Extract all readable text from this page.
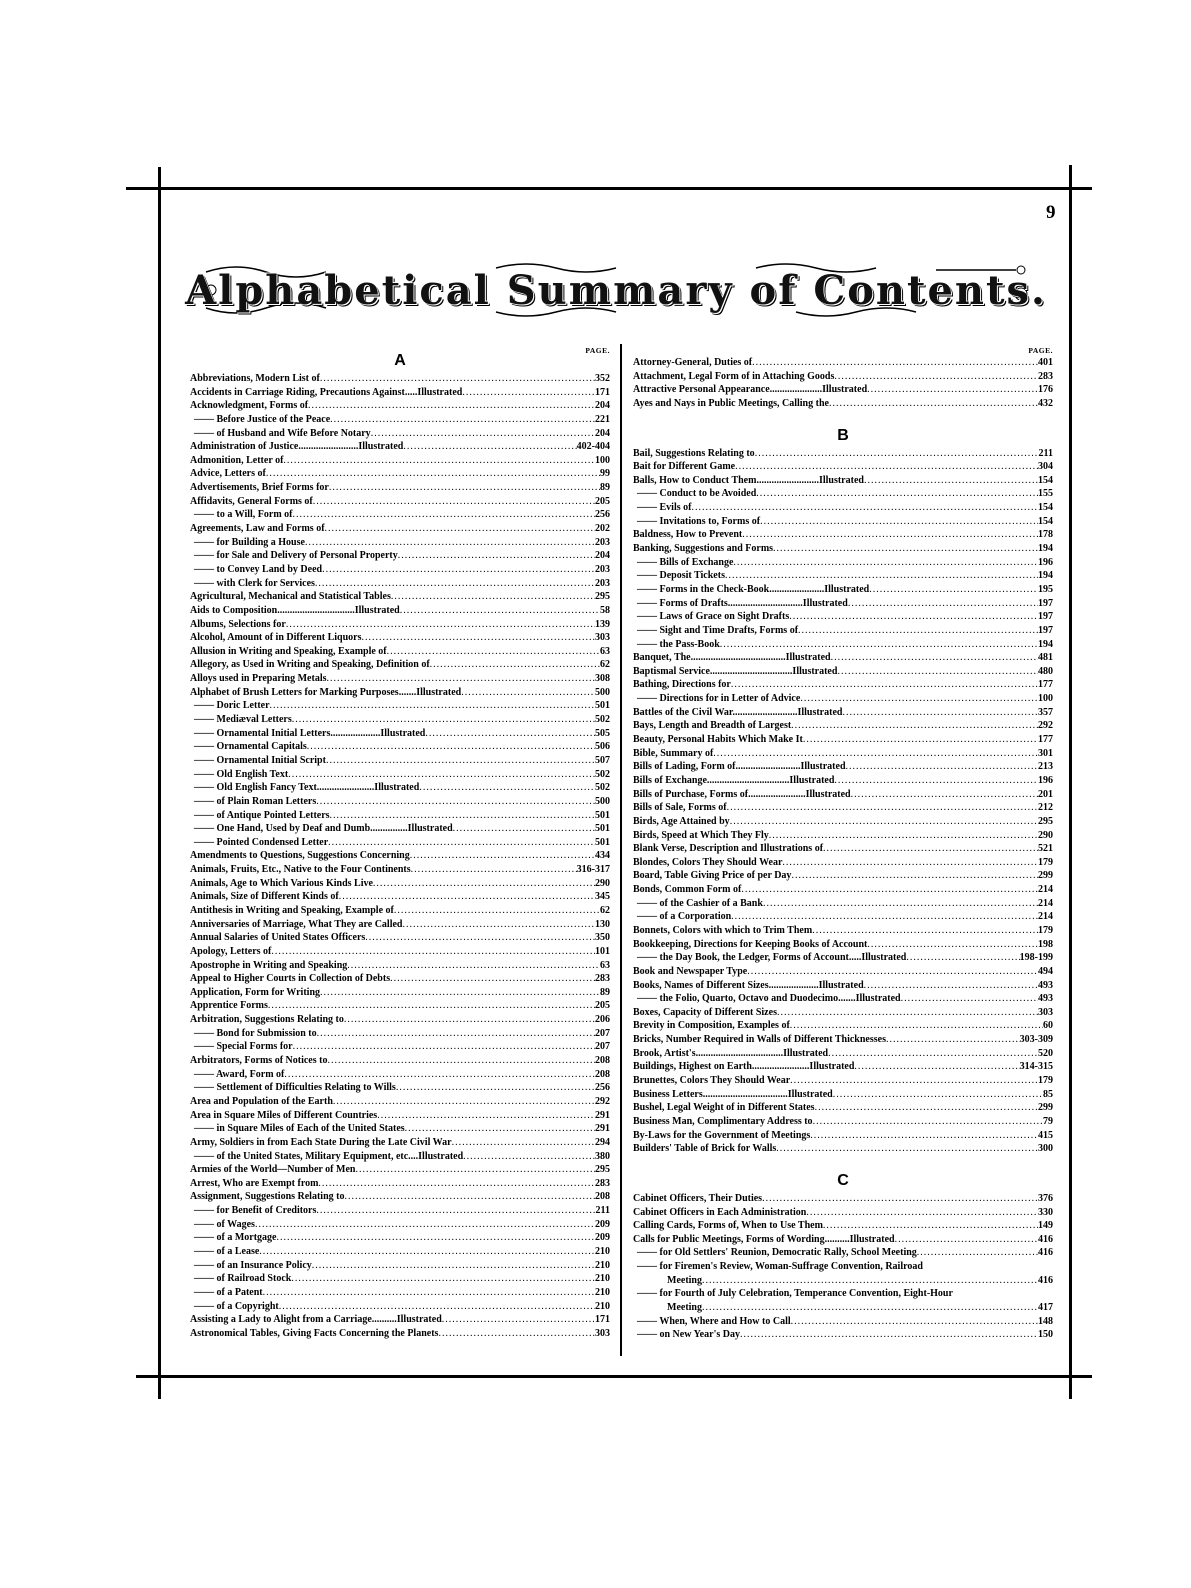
9
Alphabetical Summary of Contents.
PAGE.
A
Abbreviations, Modern List of .....	352
Accidents in Carriage Riding, Precautions Against.....Illustrated .....	171
Acknowledgment, Forms of .....	204
—— Before Justice of the Peace .....	221
—— of Husband and Wife Before Notary .....	204
Administration of Justice........................Illustrated .....	402-404
Admonition, Letter of .....	100
Advice, Letters of .....	99
Advertisements, Brief Forms for .....	89
Affidavits, General Forms of .....	205
—— to a Will, Form of .....	256
Agreements, Law and Forms of .....	202
—— for Building a House .....	203
—— for Sale and Delivery of Personal Property .....	204
—— to Convey Land by Deed .....	203
—— with Clerk for Services .....	203
Agricultural, Mechanical and Statistical Tables .....	295
Aids to Composition...............................Illustrated .....	58
Albums, Selections for .....	139
Alcohol, Amount of in Different Liquors .....	303
Allusion in Writing and Speaking, Example of .....	63
Allegory, as Used in Writing and Speaking, Definition of .....	62
Alloys used in Preparing Metals .....	308
Alphabet of Brush Letters for Marking Purposes.......Illustrated .....	500
—— Doric Letter .....	501
—— Mediæval Letters .....	502
—— Ornamental Initial Letters....................Illustrated .....	505
—— Ornamental Capitals .....	506
—— Ornamental Initial Script .....	507
—— Old English Text .....	502
—— Old English Fancy Text.......................Illustrated .....	502
—— of Plain Roman Letters .....	500
—— of Antique Pointed Letters .....	501
—— One Hand, Used by Deaf and Dumb...............Illustrated .....	501
—— Pointed Condensed Letter .....	501
Amendments to Questions, Suggestions Concerning .....	434
Animals, Fruits, Etc., Native to the Four Continents .....	316-317
Animals, Age to Which Various Kinds Live .....	290
Animals, Size of Different Kinds of .....	345
Antithesis in Writing and Speaking, Example of .....	62
Anniversaries of Marriage, What They are Called .....	130
Annual Salaries of United States Officers .....	350
Apology, Letters of .....	101
Apostrophe in Writing and Speaking .....	63
Appeal to Higher Courts in Collection of Debts .....	283
Application, Form for Writing .....	89
Apprentice Forms .....	205
Arbitration, Suggestions Relating to .....	206
—— Bond for Submission to .....	207
—— Special Forms for .....	207
Arbitrators, Forms of Notices to .....	208
—— Award, Form of .....	208
—— Settlement of Difficulties Relating to Wills .....	256
Area and Population of the Earth .....	292
Area in Square Miles of Different Countries .....	291
—— in Square Miles of Each of the United States .....	291
Army, Soldiers in from Each State During the Late Civil War .....	294
—— of the United States, Military Equipment, etc....Illustrated .....	380
Armies of the World—Number of Men .....	295
Arrest, Who are Exempt from .....	283
Assignment, Suggestions Relating to .....	208
—— for Benefit of Creditors .....	211
—— of Wages .....	209
—— of a Mortgage .....	209
—— of a Lease .....	210
—— of an Insurance Policy .....	210
—— of Railroad Stock .....	210
—— of a Patent .....	210
—— of a Copyright .....	210
Assisting a Lady to Alight from a Carriage..........Illustrated .....	171
Astronomical Tables, Giving Facts Concerning the Planets .....	303
PAGE.
Attorney-General, Duties of .....	401
Attachment, Legal Form of in Attaching Goods .....	283
Attractive Personal Appearance.....................Illustrated .....	176
Ayes and Nays in Public Meetings, Calling the .....	432
B
Bail, Suggestions Relating to .....	211
Bait for Different Game .....	304
Balls, How to Conduct Them.........................Illustrated .....	154
—— Conduct to be Avoided .....	155
—— Evils of .....	154
—— Invitations to, Forms of .....	154
Baldness, How to Prevent .....	178
Banking, Suggestions and Forms .....	194
—— Bills of Exchange .....	196
—— Deposit Tickets .....	194
—— Forms in the Check-Book......................Illustrated .....	195
—— Forms of Drafts..............................Illustrated .....	197
—— Laws of Grace on Sight Drafts .....	197
—— Sight and Time Drafts, Forms of .....	197
—— the Pass-Book .....	194
Banquet, The......................................Illustrated .....	481
Baptismal Service.................................Illustrated .....	480
Bathing, Directions for .....	177
—— Directions for in Letter of Advice .....	100
Battles of the Civil War..........................Illustrated .....	357
Bays, Length and Breadth of Largest .....	292
Beauty, Personal Habits Which Make It .....	177
Bible, Summary of .....	301
Bills of Lading, Form of..........................Illustrated .....	213
Bills of Exchange.................................Illustrated .....	196
Bills of Purchase, Forms of.......................Illustrated .....	201
Bills of Sale, Forms of .....	212
Birds, Age Attained by .....	295
Birds, Speed at Which They Fly .....	290
Blank Verse, Description and Illustrations of .....	521
Blondes, Colors They Should Wear .....	179
Board, Table Giving Price of per Day .....	299
Bonds, Common Form of .....	214
—— of the Cashier of a Bank .....	214
—— of a Corporation .....	214
Bonnets, Colors with which to Trim Them .....	179
Bookkeeping, Directions for Keeping Books of Account .....	198
—— the Day Book, the Ledger, Forms of Account.....Illustrated .....	198-199
Book and Newspaper Type .....	494
Books, Names of Different Sizes....................Illustrated .....	493
—— the Folio, Quarto, Octavo and Duodecimo.......Illustrated .....	493
Boxes, Capacity of Different Sizes .....	303
Brevity in Composition, Examples of .....	60
Bricks, Number Required in Walls of Different Thicknesses .....	303-309
Brook, Artist's...................................Illustrated .....	520
Buildings, Highest on Earth.......................Illustrated .....	314-315
Brunettes, Colors They Should Wear .....	179
Business Letters..................................Illustrated .....	85
Bushel, Legal Weight of in Different States .....	299
Business Man, Complimentary Address to .....	79
By-Laws for the Government of Meetings .....	415
Builders' Table of Brick for Walls .....	300
C
Cabinet Officers, Their Duties .....	376
Cabinet Officers in Each Administration .....	330
Calling Cards, Forms of, When to Use Them .....	149
Calls for Public Meetings, Forms of Wording..........Illustrated .....	416
—— for Old Settlers' Reunion, Democratic Rally, School Meeting .....	416
—— for Firemen's Review, Woman-Suffrage Convention, Railroad
Meeting .....	416
—— for Fourth of July Celebration, Temperance Convention, Eight-Hour
Meeting .....	417
—— When, Where and How to Call .....	148
—— on New Year's Day .....	150
